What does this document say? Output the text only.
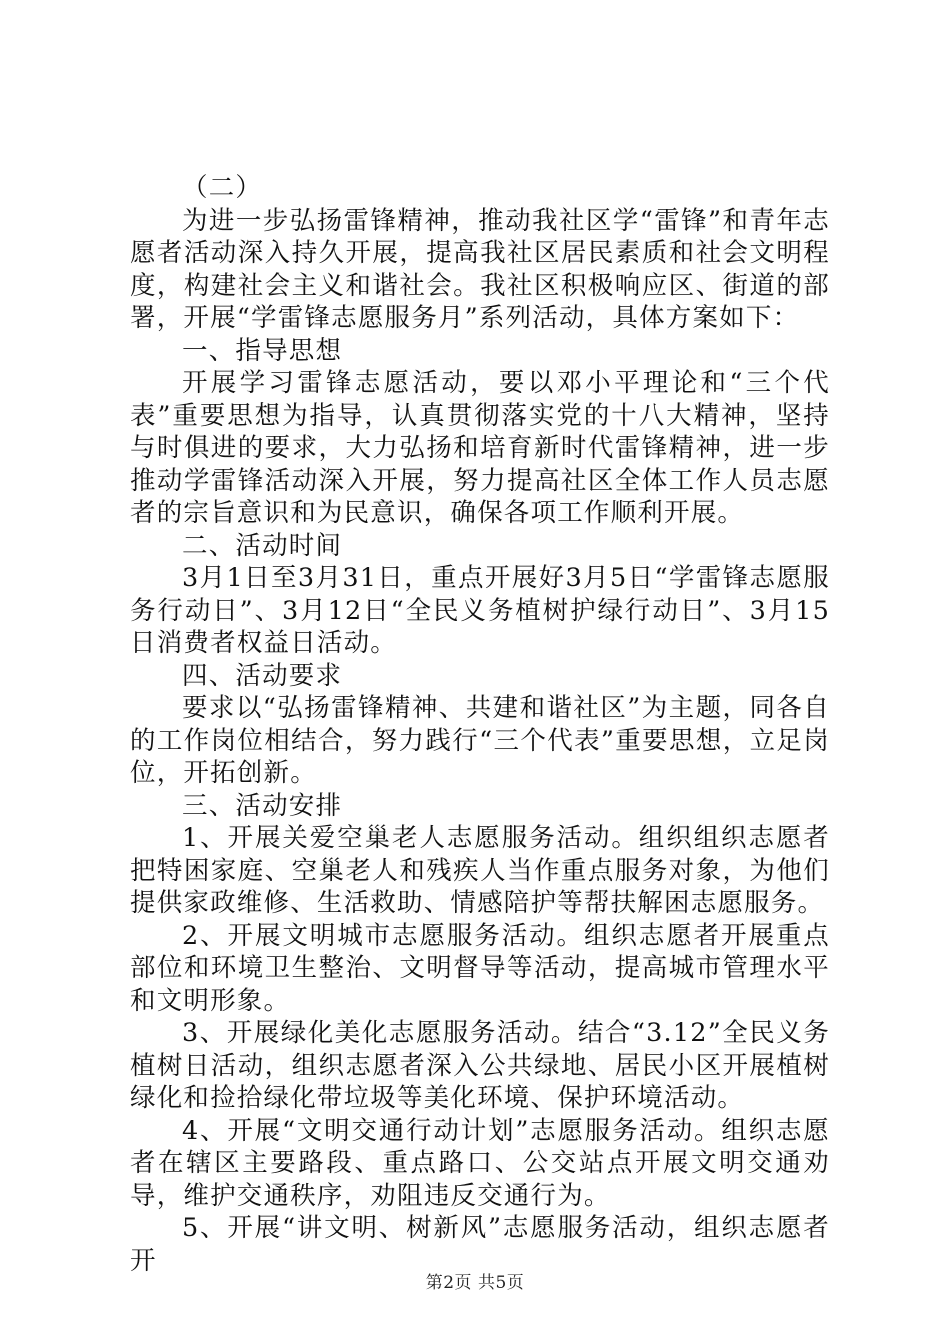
（二）

为进一步弘扬雷锋精神，推动我社区学“雷锋”和青年志愿者活动深入持久开展，提高我社区居民素质和社会文明程度，构建社会主义和谐社会。我社区积极响应区、街道的部署，开展“学雷锋志愿服务月”系列活动，具体方案如下：

一、指导思想

开展学习雷锋志愿活动，要以邓小平理论和“三个代表”重要思想为指导，认真贯彻落实党的十八大精神，坚持与时俱进的要求，大力弘扬和培育新时代雷锋精神，进一步推动学雷锋活动深入开展，努力提高社区全体工作人员志愿者的宗旨意识和为民意识，确保各项工作顺利开展。

二、活动时间

3月1日至3月31日，重点开展好3月5日“学雷锋志愿服务行动日”、3月12日“全民义务植树护绿行动日”、3月15日消费者权益日活动。

四、活动要求

要求以“弘扬雷锋精神、共建和谐社区”为主题，同各自的工作岗位相结合，努力践行“三个代表”重要思想，立足岗位，开拓创新。

三、活动安排

1、开展关爱空巢老人志愿服务活动。组织组织志愿者把特困家庭、空巢老人和残疾人当作重点服务对象，为他们提供家政维修、生活救助、情感陪护等帮扶解困志愿服务。

2、开展文明城市志愿服务活动。组织志愿者开展重点部位和环境卫生整治、文明督导等活动，提高城市管理水平和文明形象。

3、开展绿化美化志愿服务活动。结合“3.12”全民义务植树日活动，组织志愿者深入公共绿地、居民小区开展植树绿化和捡拾绿化带垃圾等美化环境、保护环境活动。

4、开展“文明交通行动计划”志愿服务活动。组织志愿者在辖区主要路段、重点路口、公交站点开展文明交通劝导，维护交通秩序，劝阻违反交通行为。

5、开展“讲文明、树新风”志愿服务活动，组织志愿者开

第2页 共5页
